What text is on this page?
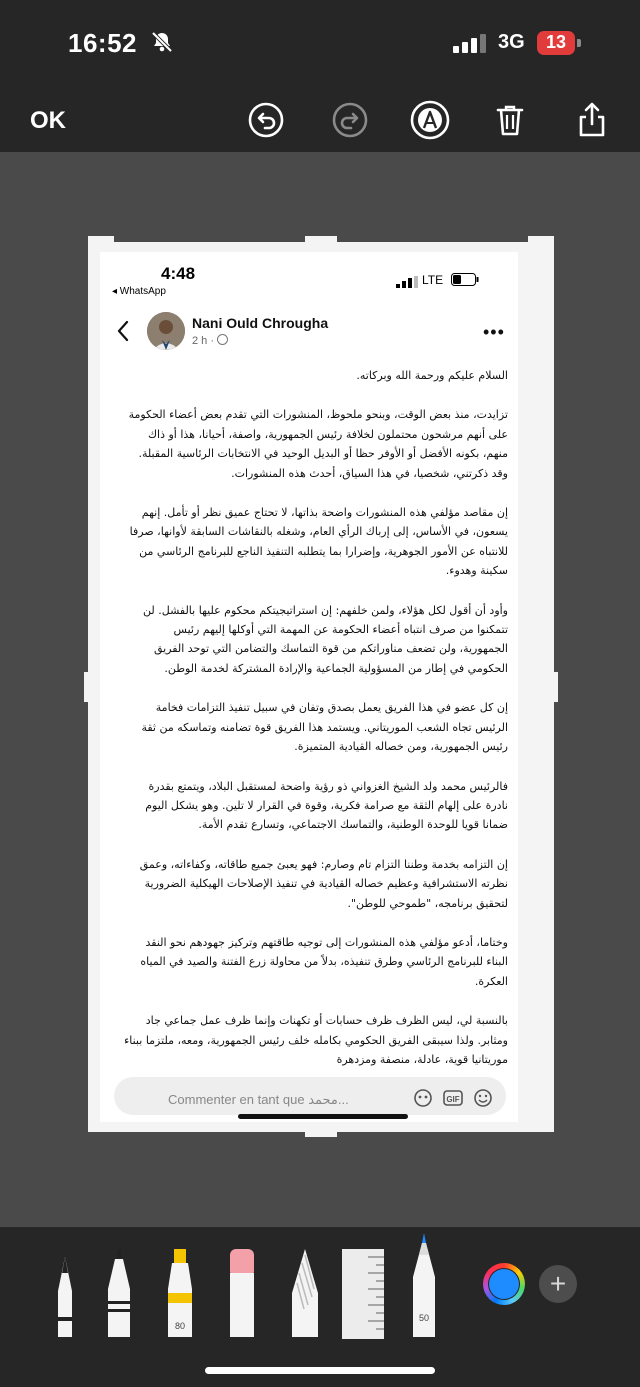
16:52	3G	13
OK
4:48
◂ WhatsApp
LTE
Nani Ould Chrougha
2 h ·	•••

السلام عليكم ورحمة الله وبركاته.

تزايدت، منذ بعض الوقت، وبنحو ملحوظ، المنشورات التي تقدم بعض أعضاء الحكومة على أنهم مرشحون محتملون لخلافة رئيس الجمهورية، واصفة، أحيانا، هذا أو ذاك منهم، بكونه الأفضل أو الأوفر حظا أو البديل الوحيد في الانتخابات الرئاسية المقبلة. وقد ذكرتني، شخصيا، في هذا السياق، أحدث هذه المنشورات.

إن مقاصد مؤلفي هذه المنشورات واضحة بذاتها، لا تحتاج عميق نظر أو تأمل. إنهم يسعون، في الأساس، إلى إرباك الرأي العام، وشغله بالنقاشات السابقة لأوانها، صرفا للانتباه عن الأمور الجوهرية، وإضرارا بما يتطلبه التنفيذ الناجع للبرنامج الرئاسي من سكينة وهدوء.

وأود أن أقول لكل هؤلاء، ولمن خلفهم: إن استراتيجيتكم محكوم عليها بالفشل. لن تتمكنوا من صرف انتباه أعضاء الحكومة عن المهمة التي أوكلها إليهم رئيس الجمهورية، ولن تضعف مناوراتكم من قوة التماسك والتضامن التي توحد الفريق الحكومي في إطار من المسؤولية الجماعية والإرادة المشتركة لخدمة الوطن.

إن كل عضو في هذا الفريق يعمل بصدق وتفان في سبيل تنفيذ التزامات فخامة الرئيس تجاه الشعب الموريتاني. ويستمد هذا الفريق قوة تضامنه وتماسكه من ثقة رئيس الجمهورية، ومن خصاله القيادية المتميزة.

فالرئيس محمد ولد الشيخ الغزواني ذو رؤية واضحة لمستقبل البلاد، ويتمتع بقدرة نادرة على إلهام الثقة مع صرامة فكرية، وقوة في القرار لا تلين. وهو يشكل اليوم ضمانا قويا للوحدة الوطنية، والتماسك الاجتماعي، وتسارع تقدم الأمة.

إن التزامه بخدمة وطننا التزام تام وصارم: فهو يعبئ جميع طاقاته، وكفاءاته، وعمق نظرته الاستشرافية وعظيم خصاله القيادية في تنفيذ الإصلاحات الهيكلية الضرورية لتحقيق برنامجه، "طموحي للوطن".

وختاما، أدعو مؤلفي هذه المنشورات إلى توجيه طاقتهم وتركيز جهودهم نحو النقد البناء للبرنامج الرئاسي وطرق تنفيذه، بدلاً من محاولة زرع الفتنة والصيد في المياه العكرة.

بالنسبة لي، ليس الظرف ظرف حسابات أو تكهنات وإنما ظرف عمل جماعي جاد ومثابر. ولذا سيبقى الفريق الحكومي بكامله خلف رئيس الجمهورية، ومعه، ملتزما ببناء موريتانيا قوية، عادلة، منصفة ومزدهرة

Commenter en tant que محمد...	GIF
80
50
+
